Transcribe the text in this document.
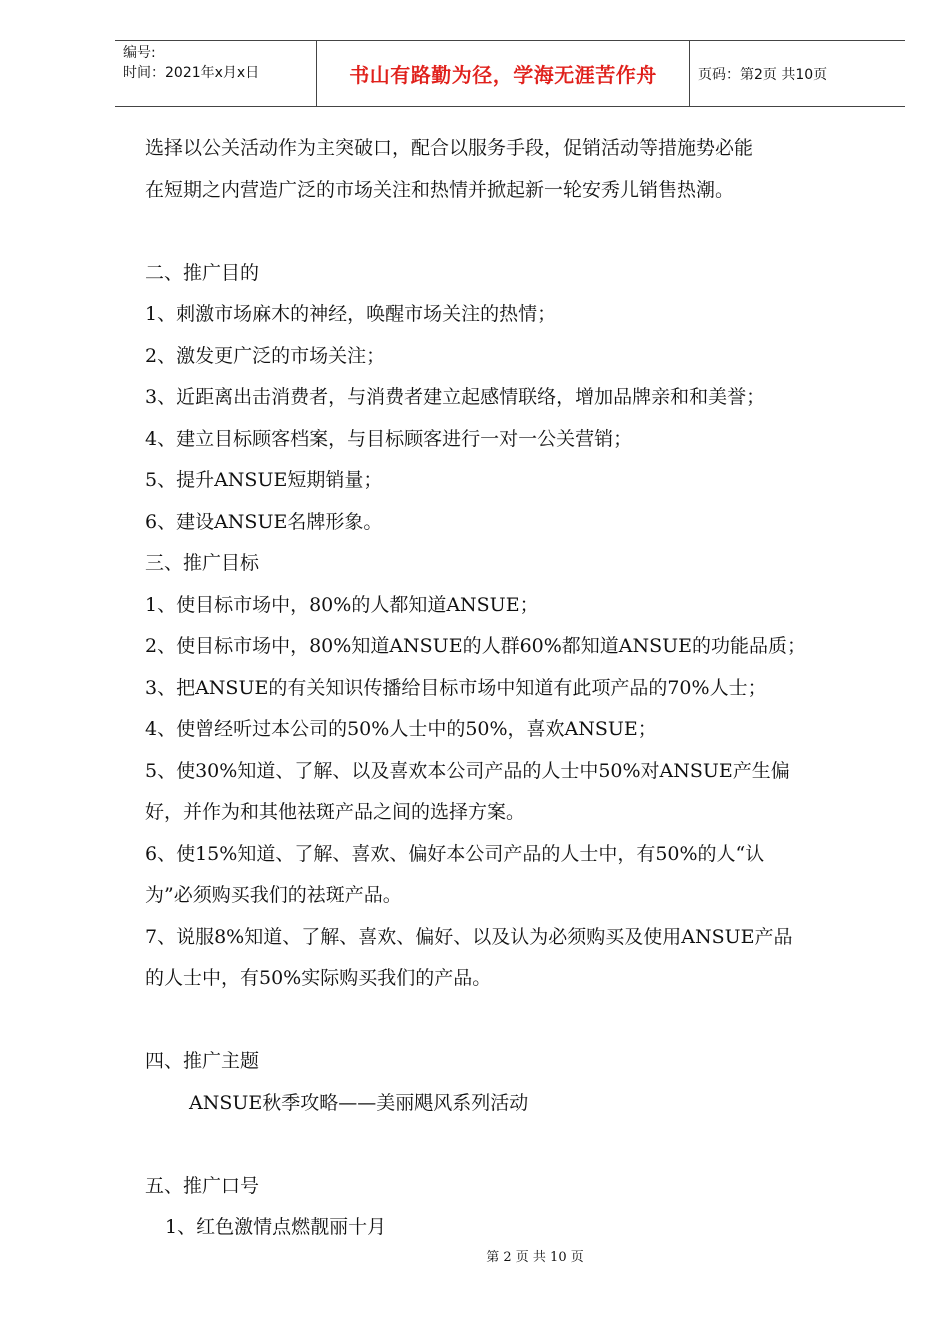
编号:
时间：2021年x月x日	书山有路勤为径，学海无涯苦作舟	页码：第2页 共10页
选择以公关活动作为主突破口，配合以服务手段，促销活动等措施势必能
在短期之内营造广泛的市场关注和热情并掀起新一轮安秀儿销售热潮。
二、推广目的
1、刺激市场麻木的神经，唤醒市场关注的热情；
2、激发更广泛的市场关注；
3、近距离出击消费者，与消费者建立起感情联络，增加品牌亲和和美誉；
4、建立目标顾客档案，与目标顾客进行一对一公关营销；
5、提升ANSUE短期销量；
6、建设ANSUE名牌形象。
三、推广目标
1、使目标市场中，80%的人都知道ANSUE；
2、使目标市场中，80%知道ANSUE的人群60%都知道ANSUE的功能品质；
3、把ANSUE的有关知识传播给目标市场中知道有此项产品的70%人士；
4、使曾经听过本公司的50%人士中的50%，喜欢ANSUE；
5、使30%知道、了解、以及喜欢本公司产品的人士中50%对ANSUE产生偏
好，并作为和其他祛斑产品之间的选择方案。
6、使15%知道、了解、喜欢、偏好本公司产品的人士中，有50%的人“认
为”必须购买我们的祛斑产品。
7、说服8%知道、了解、喜欢、偏好、以及认为必须购买及使用ANSUE产品
的人士中，有50%实际购买我们的产品。
四、推广主题
ANSUE秋季攻略——美丽飓风系列活动
五、推广口号
1、红色激情点燃靓丽十月
第 2 页 共 10 页
